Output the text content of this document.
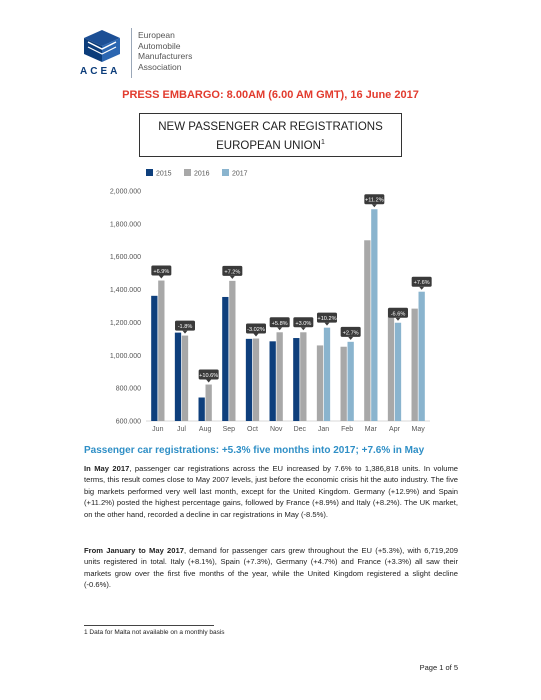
ACEA
European
Automobile
Manufacturers
Association
PRESS EMBARGO: 8.00AM (6.00 AM GMT), 16 June 2017
NEW PASSENGER CAR REGISTRATIONS
EUROPEAN UNION$^1$
2015	2016	2017
600.000
800.000
1,000.000
1,200.000
1,400.000
1,600.000
1,800.000
2,000.000
Jun
+6.9%
Jul
-1.8%
Aug
+10.6%
Sep
+7.2%
Oct
-3.02%
Nov
+5.8%
Dec
+3.0%
Jan
+10.2%
Feb
+2.7%
Mar
+11.2%
Apr
-6.6%
May
+7.6%
Passenger car registrations: +5.3% five months into 2017; +7.6% in May
In May 2017, passenger car registrations across the EU increased by 7.6% to 1,386,818 units. In volume terms, this result comes close to May 2007 levels, just before the economic crisis hit the auto industry. The five big markets performed very well last month, except for the United Kingdom. Germany (+12.9%) and Spain (+11.2%) posted the highest percentage gains, followed by France (+8.9%) and Italy (+8.2%). The UK market, on the other hand, recorded a decline in car registrations in May (-8.5%).
From January to May 2017, demand for passenger cars grew throughout the EU (+5.3%), with 6,719,209 units registered in total. Italy (+8.1%), Spain (+7.3%), Germany (+4.7%) and France (+3.3%) all saw their markets grow over the first five months of the year, while the United Kingdom registered a slight decline (-0.6%).
1 Data for Malta not available on a monthly basis
Page 1 of 5
